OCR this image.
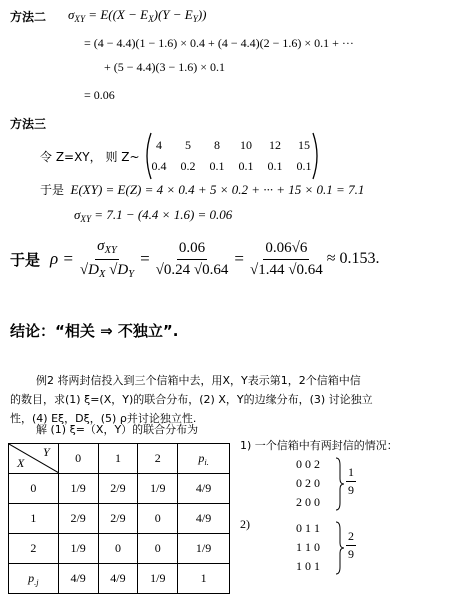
方法二 $\sigma_{XY} = E((X - E_X)(Y - E_Y))$
= (4 − 4.4)(1 − 1.6) × 0.4 + (4 − 4.4)(2 − 1.6) × 0.1 + ···
+ (5 − 4.4)(3 − 1.6) × 0.1
= 0.06
方法三
令 Z=XY， 则 Z~
4	5	8	10 12 15
0.4 0.2 0.1 0.1 0.1 0.1
于是 E(XY) = E(Z) = 4 × 0.4 + 5 × 0.2 + ··· + 15 × 0.1 = 7.1
$\sigma_{XY} = 7.1 - (4.4 \times 1.6) = 0.06$
于是 $\rho = \frac{\sigma_{XY}}{√D_X √D_Y} = \frac{0.06}{√0.24 √0.64} = \frac{0.06√6}{√1.44 √0.64} \approx 0.153$.
结论：“相关 ⇒ 不独立”.
例2 将两封信投入到三个信箱中去，用X，Y表示第1，2个信箱中信
的数目，求(1) ξ=(X，Y)的联合分布，(2) X，Y的边缘分布，(3) 讨论独立
性，(4) Eξ，Dξ，(5) ρ并讨论独立性.
解 (1) ξ=（X，Y）的联合分布为
X
Y	0	1	2	$p_{i.}$
0	1/9	2/9	1/9	4/9
1	2/9	2/9	0	4/9
2	1/9	0	0	1/9
$p_{.j}$	4/9	4/9	1/9	1
1) 一个信箱中有两封信的情况：
0 0 2
0 2 0
2 0 0
$\frac{1}{9}$
2)	0 1 1
1 1 0
1 0 1
$\frac{2}{9}$
